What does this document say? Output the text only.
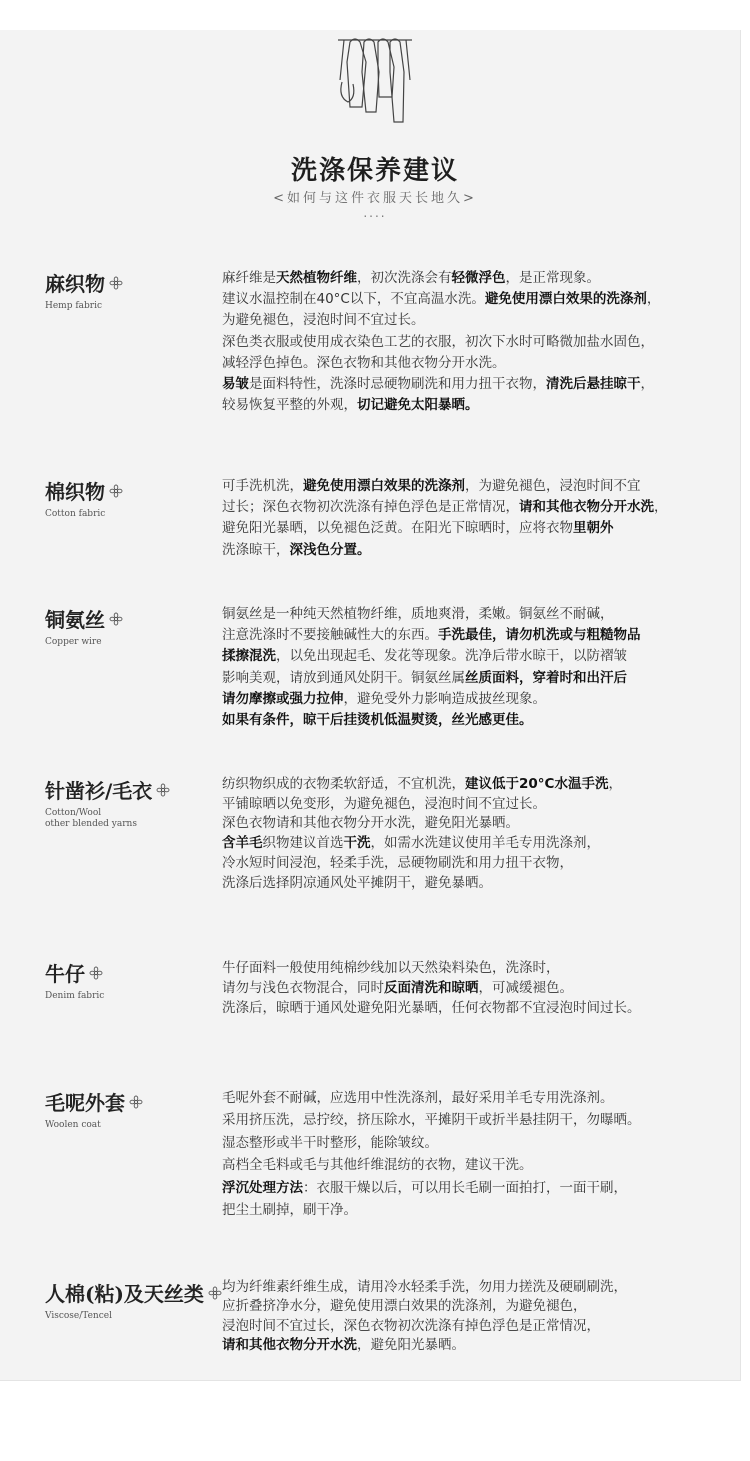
洗涤保养建议
<如何与这件衣服天长地久>
....
麻织物
Hemp fabric

麻纤维是天然植物纤维，初次洗涤会有轻微浮色，是正常现象。

建议水温控制在40°C以下，不宜高温水洗。避免使用漂白效果的洗涤剂，

为避免褪色，浸泡时间不宜过长。

深色类衣服或使用成衣染色工艺的衣服，初次下水时可略微加盐水固色，

减轻浮色掉色。深色衣物和其他衣物分开水洗。

易皱是面料特性，洗涤时忌硬物刷洗和用力扭干衣物，清洗后悬挂晾干，

较易恢复平整的外观，切记避免太阳暴晒。

棉织物
Cotton fabric

可手洗机洗，避免使用漂白效果的洗涤剂，为避免褪色，浸泡时间不宜

过长；深色衣物初次洗涤有掉色浮色是正常情况，请和其他衣物分开水洗，

避免阳光暴晒，以免褪色泛黄。在阳光下晾晒时，应将衣物里朝外

洗涤晾干，深浅色分置。

铜氨丝
Copper wire

铜氨丝是一种纯天然植物纤维，质地爽滑，柔嫩。铜氨丝不耐碱，

注意洗涤时不要接触碱性大的东西。手洗最佳，请勿机洗或与粗糙物品

揉擦混洗，以免出现起毛、发花等现象。洗净后带水晾干，以防褶皱

影响美观，请放到通风处阴干。铜氨丝属丝质面料，穿着时和出汗后

请勿摩擦或强力拉伸，避免受外力影响造成披丝现象。

如果有条件，晾干后挂烫机低温熨烫，丝光感更佳。

针凿衫/毛衣
Cotton/Wool
other blended yarns

纺织物织成的衣物柔软舒适，不宜机洗，建议低于20°C水温手洗，

平铺晾晒以免变形，为避免褪色，浸泡时间不宜过长。

深色衣物请和其他衣物分开水洗，避免阳光暴晒。

含羊毛织物建议首选干洗，如需水洗建议使用羊毛专用洗涤剂，

冷水短时间浸泡，轻柔手洗，忌硬物刷洗和用力扭干衣物，

洗涤后选择阴凉通风处平摊阴干，避免暴晒。

牛仔
Denim fabric

牛仔面料一般使用纯棉纱线加以天然染料染色，洗涤时，

请勿与浅色衣物混合，同时反面清洗和晾晒，可减缓褪色。

洗涤后，晾晒于通风处避免阳光暴晒，任何衣物都不宜浸泡时间过长。

毛呢外套
Woolen coat

毛呢外套不耐碱，应选用中性洗涤剂，最好采用羊毛专用洗涤剂。

采用挤压洗，忌拧绞，挤压除水，平摊阴干或折半悬挂阴干，勿曝晒。

湿态整形或半干时整形，能除皱纹。

高档全毛料或毛与其他纤维混纺的衣物，建议干洗。

浮沉处理方法：衣服干燥以后，可以用长毛刷一面拍打，一面干刷，

把尘土刷掉，刷干净。

人棉(粘)及天丝类
Viscose/Tencel

均为纤维素纤维生成，请用冷水轻柔手洗，勿用力搓洗及硬刷刷洗，

应折叠挤净水分，避免使用漂白效果的洗涤剂，为避免褪色，

浸泡时间不宜过长，深色衣物初次洗涤有掉色浮色是正常情况，

请和其他衣物分开水洗，避免阳光暴晒。
